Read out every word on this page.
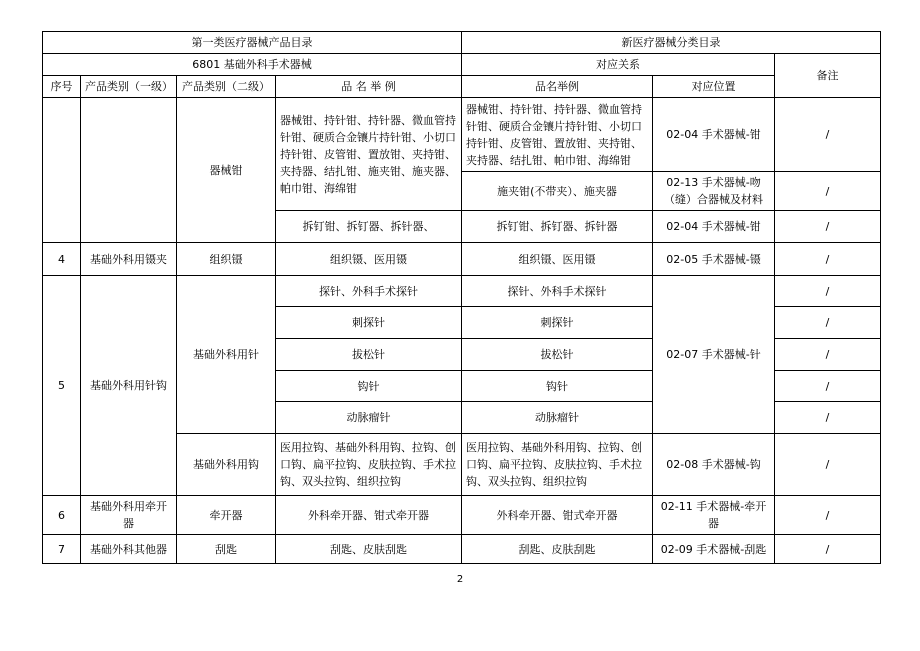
第一类医疗器械产品目录				新医疗器械分类目录		
6801 基础外科手术器械				对应关系		备注
序号	产品类别（一级）	产品类别（二级）	品 名 举 例	品名举例	对应位置	
		器械钳	器械钳、持针钳、持针器、微血管持针钳、硬质合金镶片持针钳、小切口持针钳、皮管钳、置放钳、夹持钳、夹持器、结扎钳、施夹钳、施夹器、帕巾钳、海绵钳	器械钳、持针钳、持针器、微血管持针钳、硬质合金镶片持针钳、小切口持针钳、皮管钳、置放钳、夹持钳、夹持器、结扎钳、帕巾钳、海绵钳	02-04 手术器械-钳	/
				施夹钳(不带夹）、施夹器	02-13 手术器械-吻（缝）合器械及材料	/
			拆钉钳、拆钉器、拆针器、	拆钉钳、拆钉器、拆针器	02-04 手术器械-钳	/
4	基础外科用镊夹	组织镊	组织镊、医用镊	组织镊、医用镊	02-05 手术器械-镊	/
5	基础外科用针钩	基础外科用针	探针、外科手术探针	探针、外科手术探针	02-07 手术器械-针	/
			刺探针	刺探针		/
			拔松针	拔松针		/
			钩针	钩针		/
			动脉瘤针	动脉瘤针		/
		基础外科用钩	医用拉钩、基础外科用钩、拉钩、创口钩、扁平拉钩、皮肤拉钩、手术拉钩、双头拉钩、组织拉钩	医用拉钩、基础外科用钩、拉钩、创口钩、扁平拉钩、皮肤拉钩、手术拉钩、双头拉钩、组织拉钩	02-08 手术器械-钩	/
6	基础外科用牵开器	牵开器	外科牵开器、钳式牵开器	外科牵开器、钳式牵开器	02-11 手术器械-牵开器	/
7	基础外科其他器	刮匙	刮匙、皮肤刮匙	刮匙、皮肤刮匙	02-09 手术器械-刮匙	/
2
